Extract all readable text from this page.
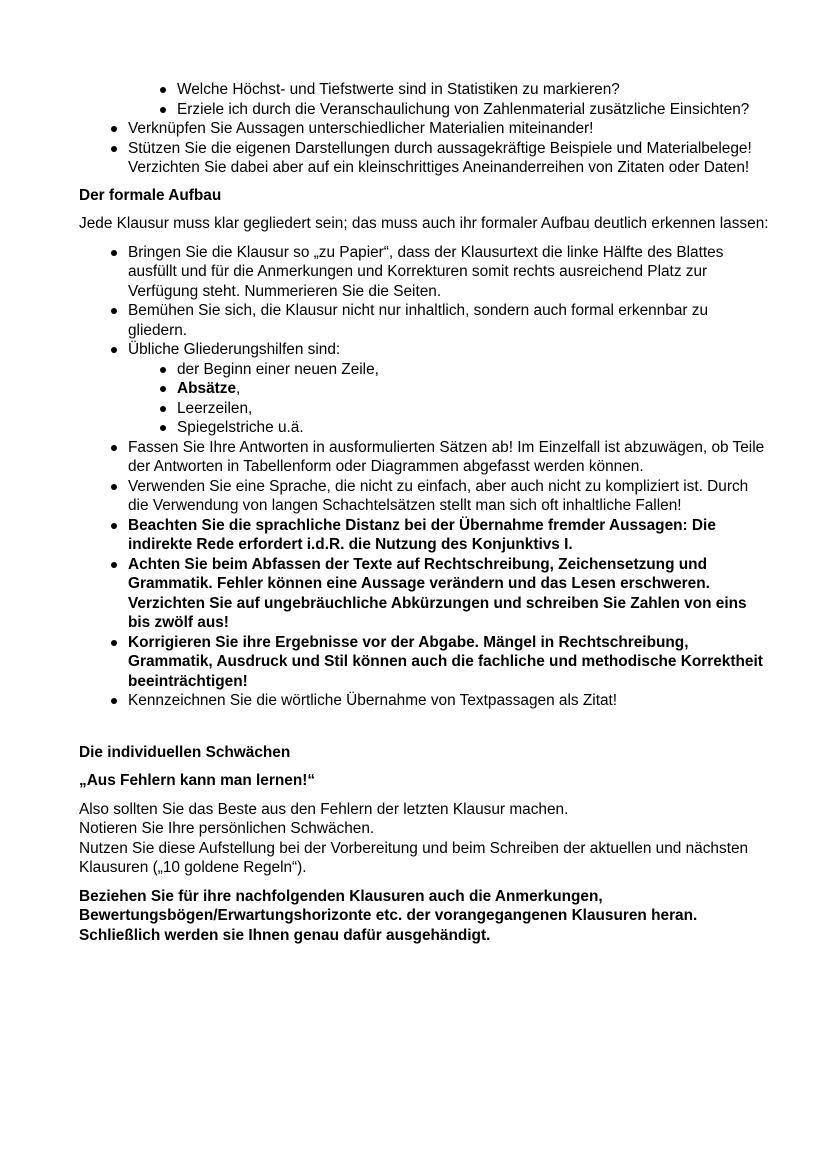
Welche Höchst- und Tiefstwerte sind in Statistiken zu markieren?
Erziele ich durch die Veranschaulichung von Zahlenmaterial zusätzliche Einsichten?
Verknüpfen Sie Aussagen unterschiedlicher Materialien miteinander!
Stützen Sie die eigenen Darstellungen durch aussagekräftige Beispiele und Materialbelege! Verzichten Sie dabei aber auf ein kleinschrittiges Aneinanderreihen von Zitaten oder Daten!

Der formale Aufbau

Jede Klausur muss klar gegliedert sein; das muss auch ihr formaler Aufbau deutlich erkennen lassen:

Bringen Sie die Klausur so „zu Papier“, dass der Klausurtext die linke Hälfte des Blattes ausfüllt und für die Anmerkungen und Korrekturen somit rechts ausreichend Platz zur Verfügung steht. Nummerieren Sie die Seiten.
Bemühen Sie sich, die Klausur nicht nur inhaltlich, sondern auch formal erkennbar zu gliedern.
Übliche Gliederungshilfen sind:
der Beginn einer neuen Zeile,
Absätze,
Leerzeilen,
Spiegelstriche u.ä.
Fassen Sie Ihre Antworten in ausformulierten Sätzen ab! Im Einzelfall ist abzuwägen, ob Teile der Antworten in Tabellenform oder Diagrammen abgefasst werden können.
Verwenden Sie eine Sprache, die nicht zu einfach, aber auch nicht zu kompliziert ist. Durch die Verwendung von langen Schachtelsätzen stellt man sich oft inhaltliche Fallen!
Beachten Sie die sprachliche Distanz bei der Übernahme fremder Aussagen: Die indirekte Rede erfordert i.d.R. die Nutzung des Konjunktivs I.
Achten Sie beim Abfassen der Texte auf Rechtschreibung, Zeichensetzung und Grammatik. Fehler können eine Aussage verändern und das Lesen erschweren. Verzichten Sie auf ungebräuchliche Abkürzungen und schreiben Sie Zahlen von eins bis zwölf aus!
Korrigieren Sie ihre Ergebnisse vor der Abgabe. Mängel in Rechtschreibung, Grammatik, Ausdruck und Stil können auch die fachliche und methodische Korrektheit beeinträchtigen!
Kennzeichnen Sie die wörtliche Übernahme von Textpassagen als Zitat!

Die individuellen Schwächen

„Aus Fehlern kann man lernen!“

Also sollten Sie das Beste aus den Fehlern der letzten Klausur machen.

Notieren Sie Ihre persönlichen Schwächen.

Nutzen Sie diese Aufstellung bei der Vorbereitung und beim Schreiben der aktuellen und nächsten Klausuren („10 goldene Regeln“).

Beziehen Sie für ihre nachfolgenden Klausuren auch die Anmerkungen, Bewertungsbögen/Erwartungshorizonte etc. der vorangegangenen Klausuren heran. Schließlich werden sie Ihnen genau dafür ausgehändigt.
